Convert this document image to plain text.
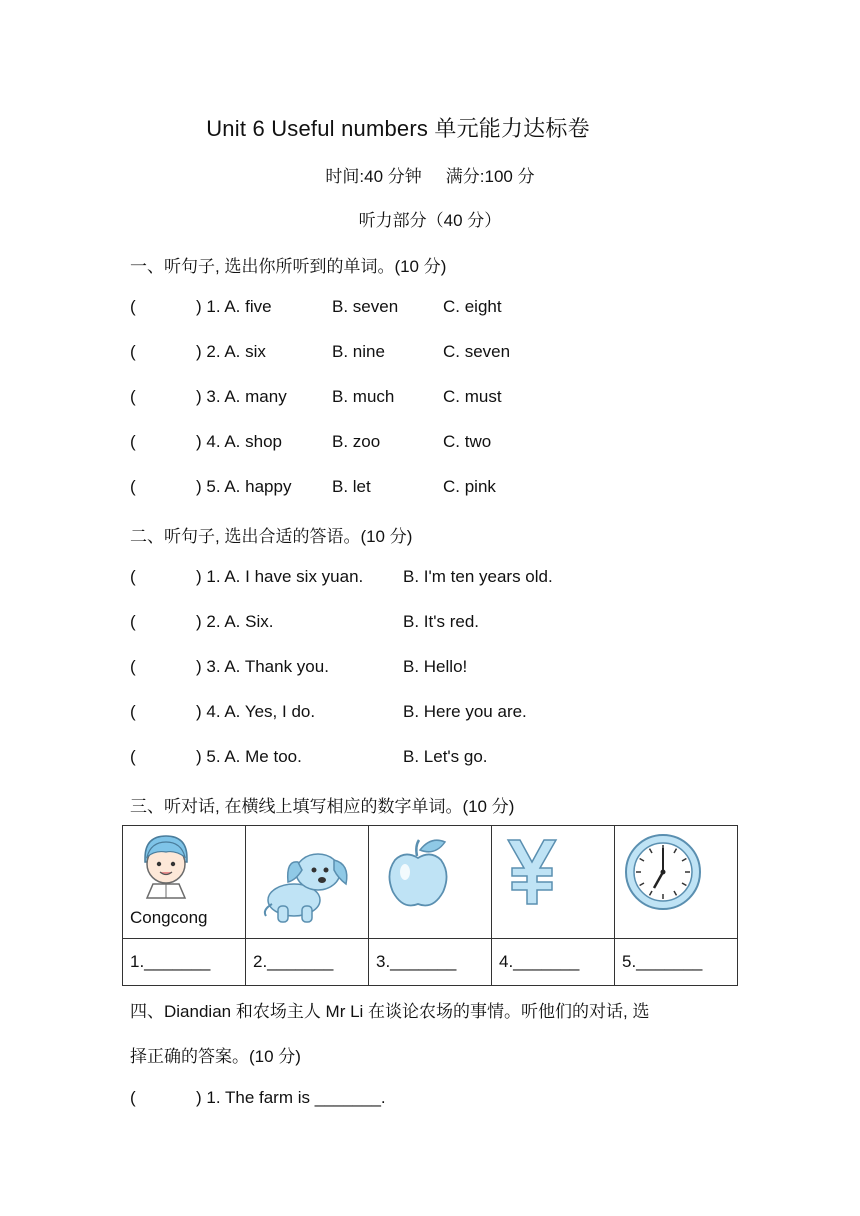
Unit 6 Useful numbers 单元能力达标卷
时间:40 分钟 满分:100 分
听力部分（40 分）
一、听句子, 选出你所听到的单词。(10 分)
(	) 1. A. five	B. seven	C. eight
(	) 2. A. six	B. nine	C. seven
(	) 3. A. many	B. much	C. must
(	) 4. A. shop	B. zoo	C. two
(	) 5. A. happy B. let	C. pink
二、听句子, 选出合适的答语。(10 分)
(	) 1. A. I have six yuan. B. I'm ten years old.
(	) 2. A. Six.	B. It's red.
(	) 3. A. Thank you.	B. Hello!
(	) 4. A. Yes, I do.	B. Here you are.
(	) 5. A. Me too.	B. Let's go.
三、听对话, 在横线上填写相应的数字单词。(10 分)
Congcong

1._______	2._______	3._______	4._______	5._______
四、Diandian 和农场主人 Mr Li 在谈论农场的事情。听他们的对话, 选
择正确的答案。(10 分)
(	) 1. The farm is _______.
